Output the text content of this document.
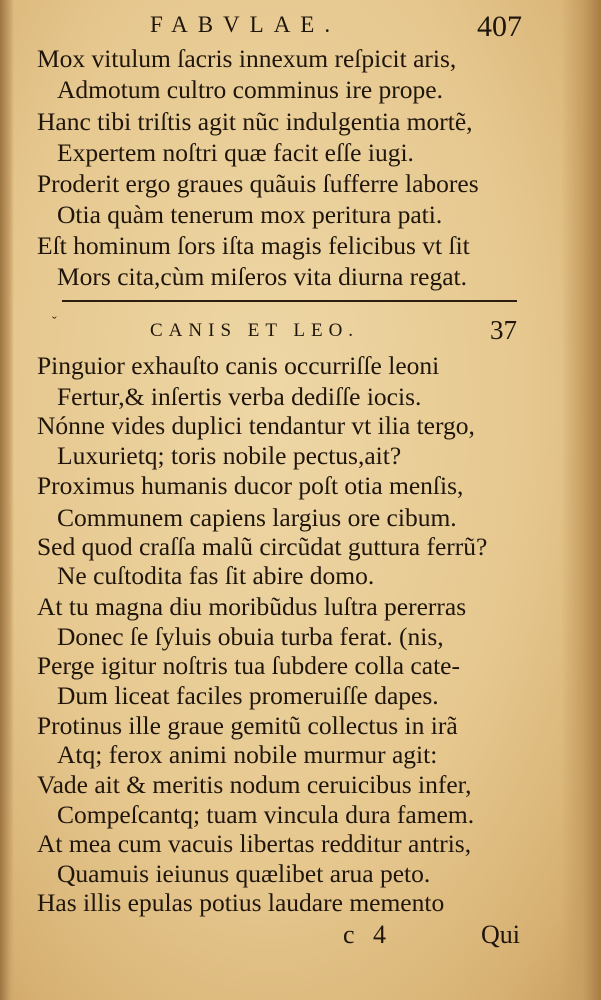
FABVLAE.	407
Mox vitulum ſacris innexum reſpicit aris,
Admotum cultro comminus ire prope.
Hanc tibi triſtis agit nũc indulgentia mortẽ,
Expertem noſtri quæ facit eſſe iugi.
Proderit ergo graues quãuis ſufferre labores
Otia quàm tenerum mox peritura pati.
Eſt hominum ſors iſta magis felicibus vt ſit
Mors cita,cùm miſeros vita diurna regat.
ˇ	CANIS ET LEO.	37
Pinguior exhauſto canis occurriſſe leoni
Fertur,& inſertis verba dediſſe iocis.
Nónne vides duplici tendantur vt ilia tergo,
Luxurietq; toris nobile pectus,ait?
Proximus humanis ducor poſt otia menſis,
Communem capiens largius ore cibum.
Sed quod craſſa malũ circũdat guttura ferrũ?
Ne cuſtodita fas ſit abire domo.
At tu magna diu moribũdus luſtra pererras
Donec ſe ſyluis obuia turba ferat. (nis,
Perge igitur noſtris tua ſubdere colla cate-
Dum liceat faciles promeruiſſe dapes.
Protinus ille graue gemitũ collectus in irã
Atq; ferox animi nobile murmur agit:
Vade ait & meritis nodum ceruicibus infer,
Compeſcantq; tuam vincula dura famem.
At mea cum vacuis libertas redditur antris,
Quamuis ieiunus quælibet arua peto.
Has illis epulas potius laudare memento
c 4	Qui
